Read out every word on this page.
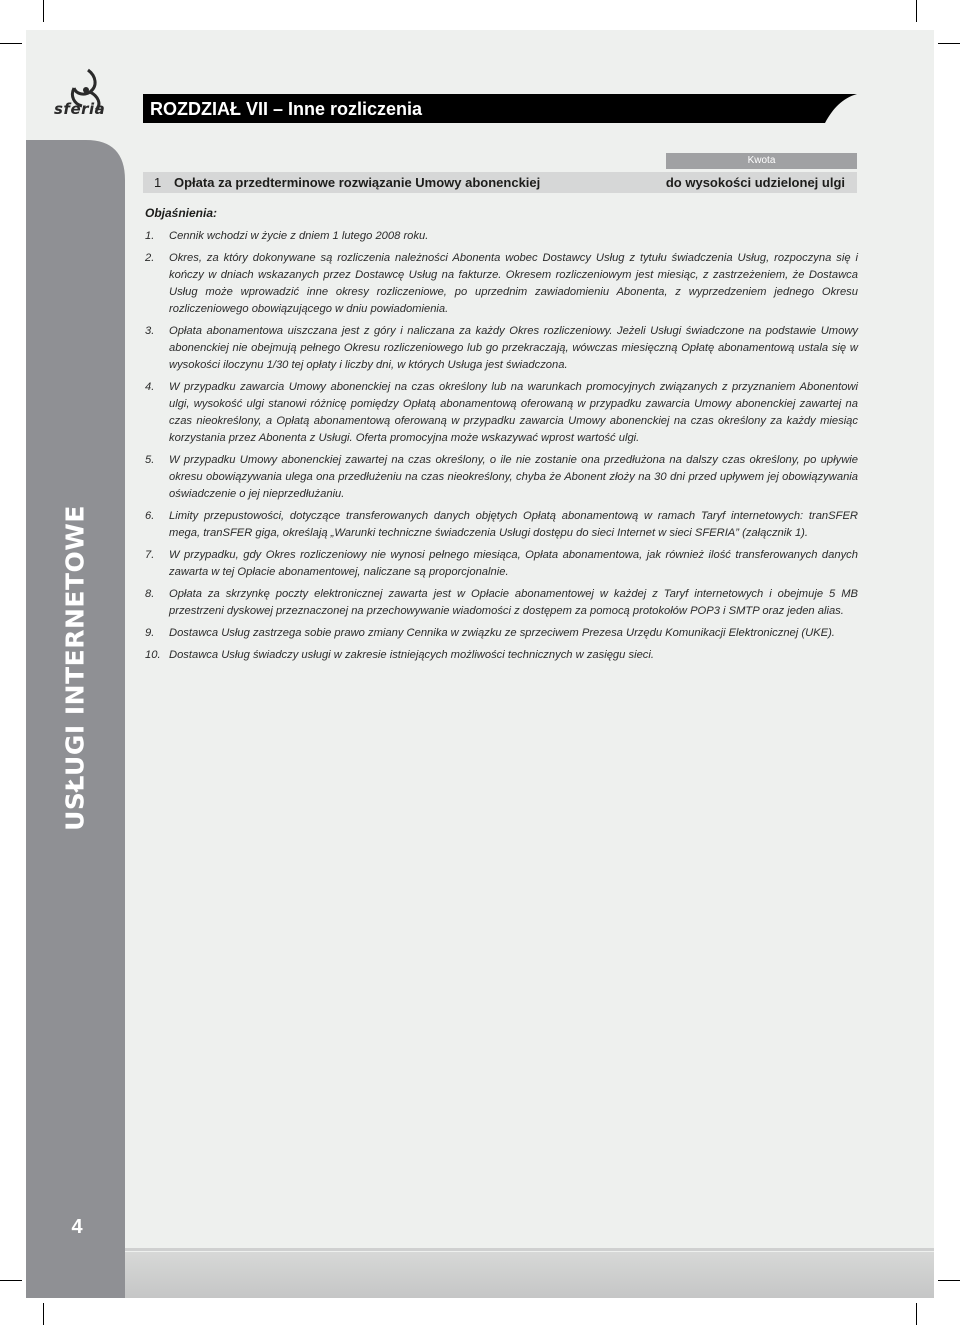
USŁUGI INTERNETOWE
4
sferia ROZDZIAŁ VII – Inne rozliczenia
Kwota
1 Opłata za przedterminowe rozwiązanie Umowy abonenckiej	do wysokości udzielonej ulgi
Objaśnienia:
1. Cennik wchodzi w życie z dniem 1 lutego 2008 roku.
2. Okres, za który dokonywane są rozliczenia należności Abonenta wobec Dostawcy Usług z tytułu świadczenia Usług, rozpoczyna się i kończy w dniach wskazanych przez Dostawcę Usług na fakturze. Okresem rozliczeniowym jest miesiąc, z zastrzeżeniem, że Dostawca Usług może wprowadzić inne okresy rozliczeniowe, po uprzednim zawiadomieniu Abonenta, z wyprzedzeniem jednego Okresu rozliczeniowego obowiązującego w dniu powiadomienia.
3. Opłata abonamentowa uiszczana jest z góry i naliczana za każdy Okres rozliczeniowy. Jeżeli Usługi świadczone na podstawie Umowy abonenckiej nie obejmują pełnego Okresu rozliczeniowego lub go przekraczają, wówczas miesięczną Opłatę abonamentową ustala się w wysokości iloczynu 1/30 tej opłaty i liczby dni, w których Usługa jest świadczona.
4. W przypadku zawarcia Umowy abonenckiej na czas określony lub na warunkach promocyjnych związanych z przyznaniem Abonentowi ulgi, wysokość ulgi stanowi różnicę pomiędzy Opłatą abonamentową oferowaną w przypadku zawarcia Umowy abonenckiej zawartej na czas nieokreślony, a Opłatą abonamentową oferowaną w przypadku zawarcia Umowy abonenckiej na czas określony za każdy miesiąc korzystania przez Abonenta z Usługi. Oferta promocyjna może wskazywać wprost wartość ulgi.
5. W przypadku Umowy abonenckiej zawartej na czas określony, o ile nie zostanie ona przedłużona na dalszy czas określony, po upływie okresu obowiązywania ulega ona przedłużeniu na czas nieokreślony, chyba że Abonent złoży na 30 dni przed upływem jej obowiązywania oświadczenie o jej nieprzedłużaniu.
6. Limity przepustowości, dotyczące transferowanych danych objętych Opłatą abonamentową w ramach Taryf internetowych: tranSFER mega, tranSFER giga, określają „Warunki techniczne świadczenia Usługi dostępu do sieci Internet w sieci SFERIA” (załącznik 1).
7. W przypadku, gdy Okres rozliczeniowy nie wynosi pełnego miesiąca, Opłata abonamentowa, jak również ilość transferowanych danych zawarta w tej Opłacie abonamentowej, naliczane są proporcjonalnie.
8. Opłata za skrzynkę poczty elektronicznej zawarta jest w Opłacie abonamentowej w każdej z Taryf internetowych i obejmuje 5 MB przestrzeni dyskowej przeznaczonej na przechowywanie wiadomości z dostępem za pomocą protokołów POP3 i SMTP oraz jeden alias.
9. Dostawca Usług zastrzega sobie prawo zmiany Cennika w związku ze sprzeciwem Prezesa Urzędu Komunikacji Elektronicznej (UKE).
10. Dostawca Usług świadczy usługi w zakresie istniejących możliwości technicznych w zasięgu sieci.
